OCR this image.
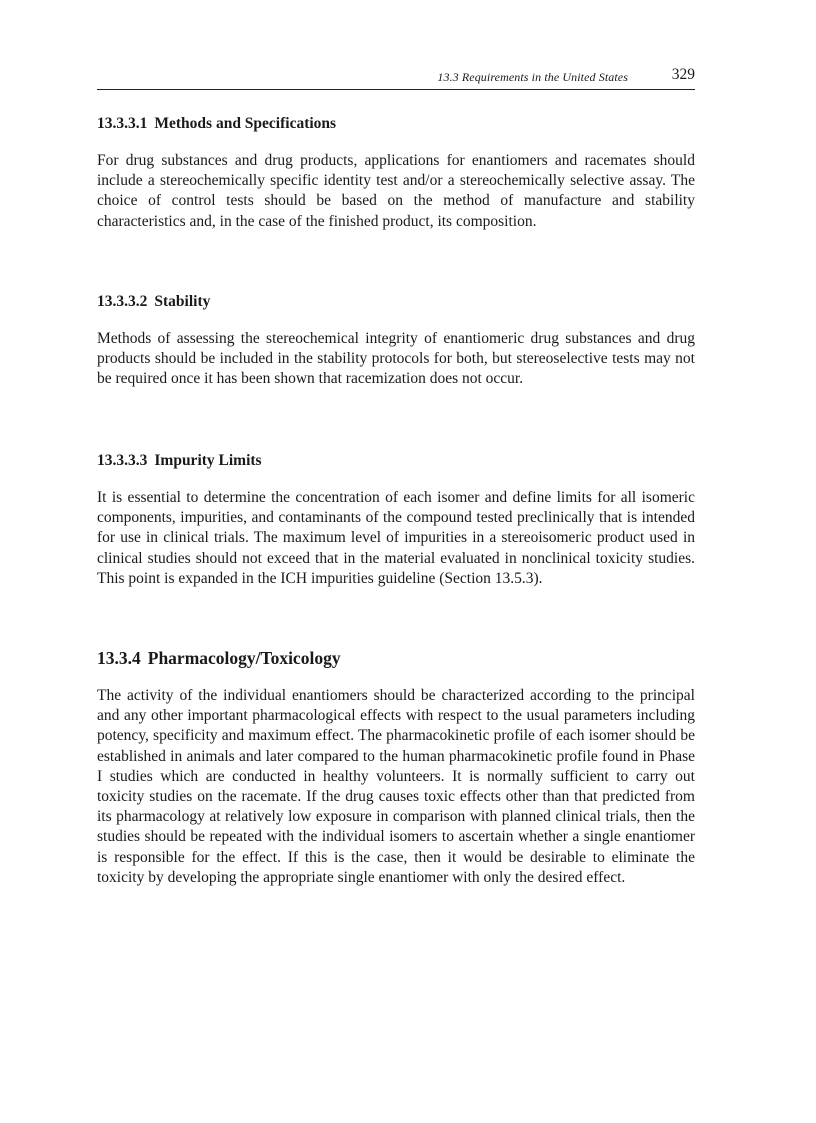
13.3 Requirements in the United States	329
13.3.3.1 Methods and Specifications

For drug substances and drug products, applications for enantiomers and racemates should include a stereochemically specific identity test and/or a stereochemically selective assay. The choice of control tests should be based on the method of manufacture and stability characteristics and, in the case of the finished product, its composition.

13.3.3.2 Stability

Methods of assessing the stereochemical integrity of enantiomeric drug substances and drug products should be included in the stability protocols for both, but stereoselective tests may not be required once it has been shown that racemization does not occur.

13.3.3.3 Impurity Limits

It is essential to determine the concentration of each isomer and define limits for all isomeric components, impurities, and contaminants of the compound tested preclinically that is intended for use in clinical trials. The maximum level of impurities in a stereoisomeric product used in clinical studies should not exceed that in the material evaluated in nonclinical toxicity studies. This point is expanded in the ICH impurities guideline (Section 13.5.3).

13.3.4 Pharmacology/Toxicology

The activity of the individual enantiomers should be characterized according to the principal and any other important pharmacological effects with respect to the usual parameters including potency, specificity and maximum effect. The pharmacokinetic profile of each isomer should be established in animals and later compared to the human pharmacokinetic profile found in Phase I studies which are conducted in healthy volunteers. It is normally sufficient to carry out toxicity studies on the racemate. If the drug causes toxic effects other than that predicted from its pharmacology at relatively low exposure in comparison with planned clinical trials, then the studies should be repeated with the individual isomers to ascertain whether a single enantiomer is responsible for the effect. If this is the case, then it would be desirable to eliminate the toxicity by developing the appropriate single enantiomer with only the desired effect.
